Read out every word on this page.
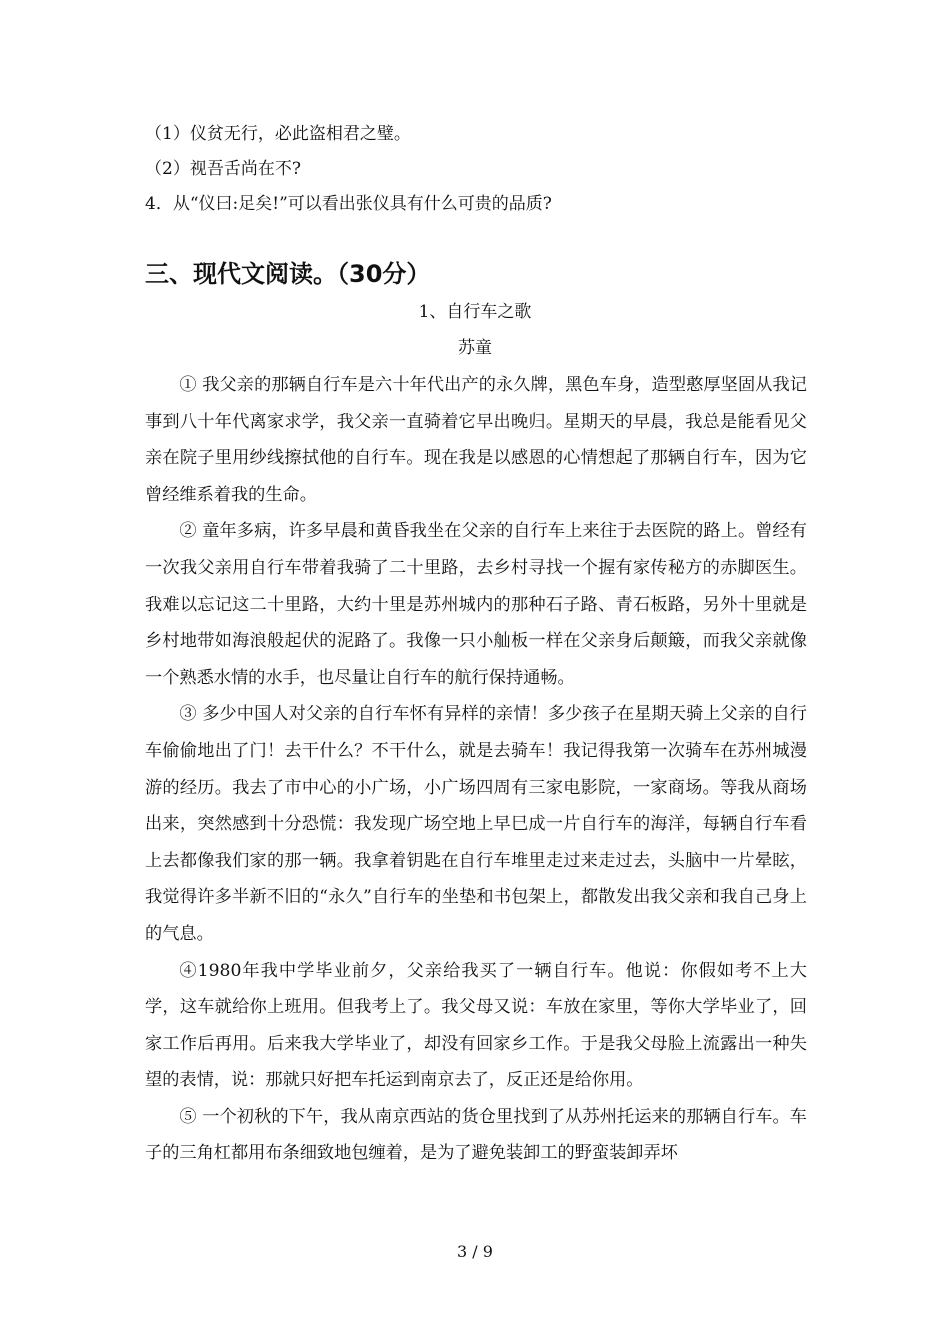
（1）仪贫无行，必此盗相君之璧。
（2）视吾舌尚在不?
4．从“仪曰:足矣!”可以看出张仪具有什么可贵的品质?
三、现代文阅读。（30分）
1、自行车之歌
苏童

① 我父亲的那辆自行车是六十年代出产的永久牌，黑色车身，造型憨厚坚固从我记事到八十年代离家求学，我父亲一直骑着它早出晚归。星期天的早晨，我总是能看见父亲在院子里用纱线擦拭他的自行车。现在我是以感恩的心情想起了那辆自行车，因为它曾经维系着我的生命。

② 童年多病，许多早晨和黄昏我坐在父亲的自行车上来往于去医院的路上。曾经有一次我父亲用自行车带着我骑了二十里路，去乡村寻找一个握有家传秘方的赤脚医生。我难以忘记这二十里路，大约十里是苏州城内的那种石子路、青石板路，另外十里就是乡村地带如海浪般起伏的泥路了。我像一只小舢板一样在父亲身后颠簸，而我父亲就像一个熟悉水情的水手，也尽量让自行车的航行保持通畅。

③ 多少中国人对父亲的自行车怀有异样的亲情！多少孩子在星期天骑上父亲的自行车偷偷地出了门！去干什么？不干什么，就是去骑车！我记得我第一次骑车在苏州城漫游的经历。我去了市中心的小广场，小广场四周有三家电影院，一家商场。等我从商场出来，突然感到十分恐慌：我发现广场空地上早巳成一片自行车的海洋，每辆自行车看上去都像我们家的那一辆。我拿着钥匙在自行车堆里走过来走过去，头脑中一片晕眩，我觉得许多半新不旧的“永久”自行车的坐垫和书包架上，都散发出我父亲和我自己身上的气息。

④1980年我中学毕业前夕，父亲给我买了一辆自行车。他说：你假如考不上大学，这车就给你上班用。但我考上了。我父母又说：车放在家里，等你大学毕业了，回家工作后再用。后来我大学毕业了，却没有回家乡工作。于是我父母脸上流露出一种失望的表情，说：那就只好把车托运到南京去了，反正还是给你用。

⑤ 一个初秋的下午，我从南京西站的货仓里找到了从苏州托运来的那辆自行车。车子的三角杠都用布条细致地包缠着，是为了避免装卸工的野蛮装卸弄坏

3 / 9
